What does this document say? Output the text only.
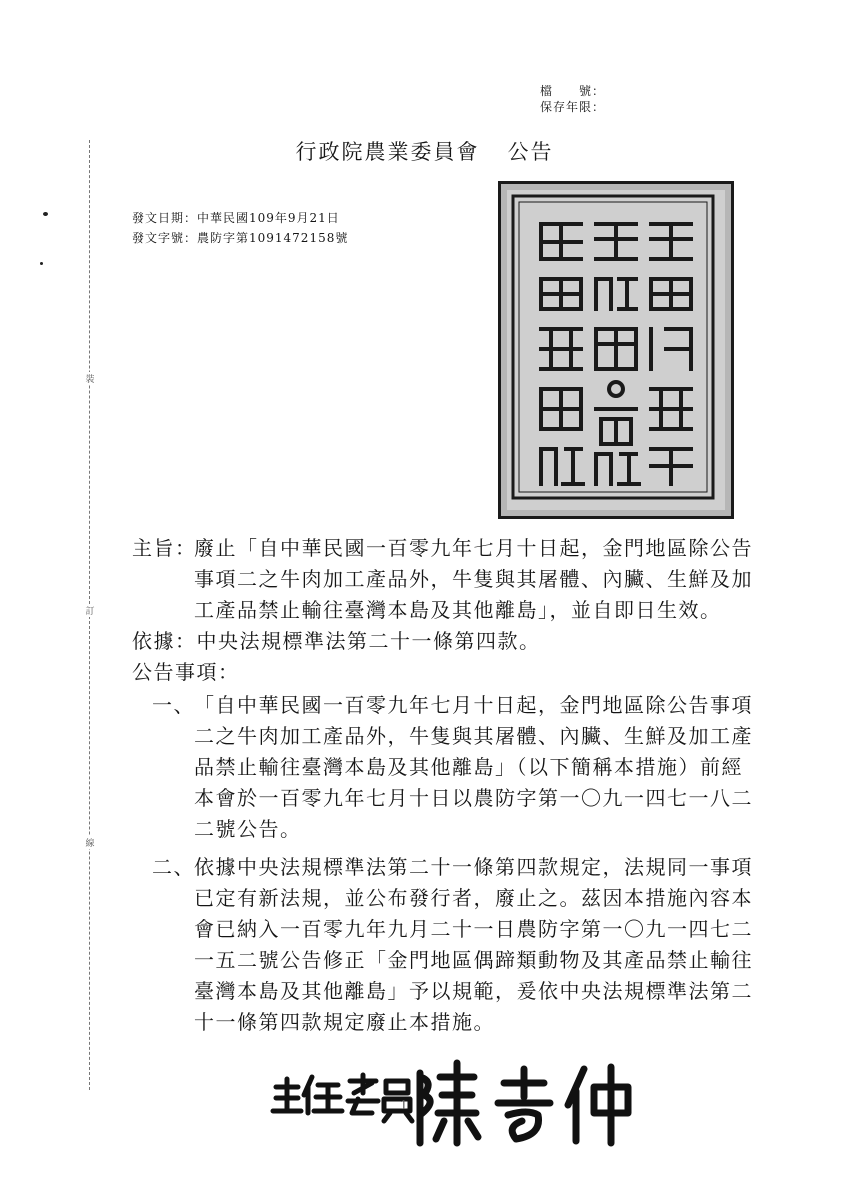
檔　　號：
保存年限：
裝
訂
線
行政院農業委員會 公告
發文日期：中華民國109年9月21日
發文字號：農防字第1091472158號
主旨：
廢止「自中華民國一百零九年七月十日起，金門地區除公告
事項二之牛肉加工產品外，牛隻與其屠體、內臟、生鮮及加
工產品禁止輸往臺灣本島及其他離島」，並自即日生效。
依據：中央法規標準法第二十一條第四款。
公告事項：
一、 「自中華民國一百零九年七月十日起，金門地區除公告事項
二之牛肉加工產品外，牛隻與其屠體、內臟、生鮮及加工產
品禁止輸往臺灣本島及其他離島」（以下簡稱本措施）前經
本會於一百零九年七月十日以農防字第一〇九一四七一八二
二號公告。
二、 依據中央法規標準法第二十一條第四款規定，法規同一事項
已定有新法規，並公布發行者，廢止之。茲因本措施內容本
會已納入一百零九年九月二十一日農防字第一〇九一四七二
一五二號公告修正「金門地區偶蹄類動物及其產品禁止輸往
臺灣本島及其他離島」予以規範，爰依中央法規標準法第二
十一條第四款規定廢止本措施。
1
